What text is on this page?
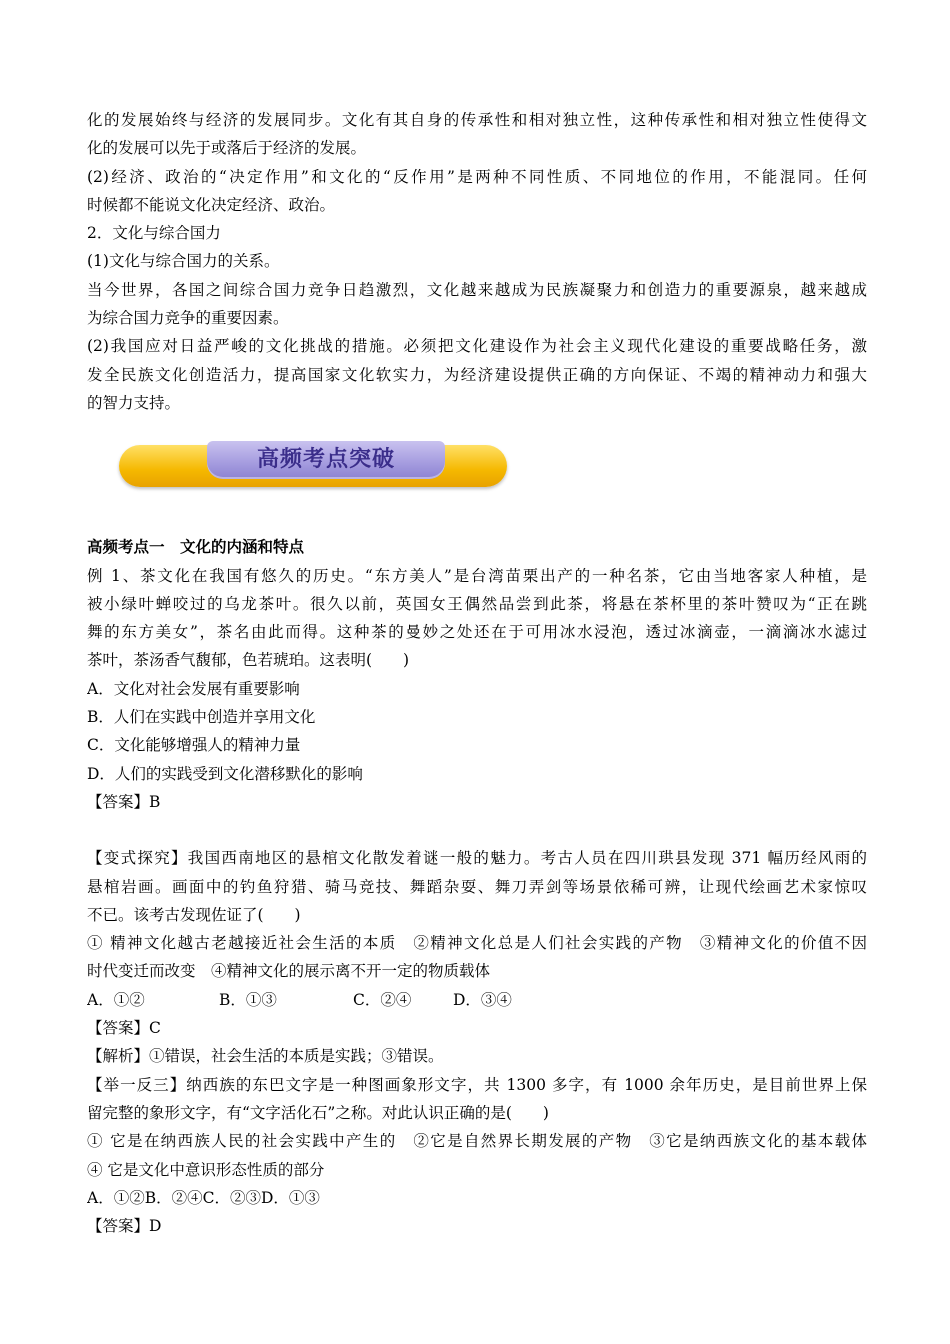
化的发展始终与经济的发展同步。文化有其自身的传承性和相对独立性，这种传承性和相对独立性使得文
化的发展可以先于或落后于经济的发展。
(2)经济、政治的“决定作用”和文化的“反作用”是两种不同性质、不同地位的作用，不能混同。任何
时候都不能说文化决定经济、政治。
2．文化与综合国力
(1)文化与综合国力的关系。
当今世界，各国之间综合国力竞争日趋激烈，文化越来越成为民族凝聚力和创造力的重要源泉，越来越成
为综合国力竞争的重要因素。
(2)我国应对日益严峻的文化挑战的措施。必须把文化建设作为社会主义现代化建设的重要战略任务，激
发全民族文化创造活力，提高国家文化软实力，为经济建设提供正确的方向保证、不竭的精神动力和强大
的智力支持。
高频考点突破
高频考点一　文化的内涵和特点
例 1、茶文化在我国有悠久的历史。“东方美人”是台湾苗栗出产的一种名茶，它由当地客家人种植，是
被小绿叶蝉咬过的乌龙茶叶。很久以前，英国女王偶然品尝到此茶，将悬在茶杯里的茶叶赞叹为“正在跳
舞的东方美女”，茶名由此而得。这种茶的曼妙之处还在于可用冰水浸泡，透过冰滴壶，一滴滴冰水滤过
茶叶，茶汤香气馥郁，色若琥珀。这表明(　　)
A．文化对社会发展有重要影响
B．人们在实践中创造并享用文化
C．文化能够增强人的精神力量
D．人们的实践受到文化潜移默化的影响
【答案】B
【变式探究】我国西南地区的悬棺文化散发着谜一般的魅力。考古人员在四川珙县发现 371 幅历经风雨的
悬棺岩画。画面中的钓鱼狩猎、骑马竞技、舞蹈杂耍、舞刀弄剑等场景依稀可辨，让现代绘画艺术家惊叹
不已。该考古发现佐证了(　　)
① 精神文化越古老越接近社会生活的本质　②精神文化总是人们社会实践的产物　③精神文化的价值不因
时代变迁而改变　④精神文化的展示离不开一定的物质载体
A．①②	B．①③	C．②④	D．③④
【答案】C
【解析】①错误，社会生活的本质是实践；③错误。
【举一反三】纳西族的东巴文字是一种图画象形文字，共 1300 多字，有 1000 余年历史，是目前世界上保
留完整的象形文字，有“文字活化石”之称。对此认识正确的是(　　)
① 它是在纳西族人民的社会实践中产生的　②它是自然界长期发展的产物　③它是纳西族文化的基本载体
④ 它是文化中意识形态性质的部分
A．①②B．②④C．②③D．①③
【答案】D
